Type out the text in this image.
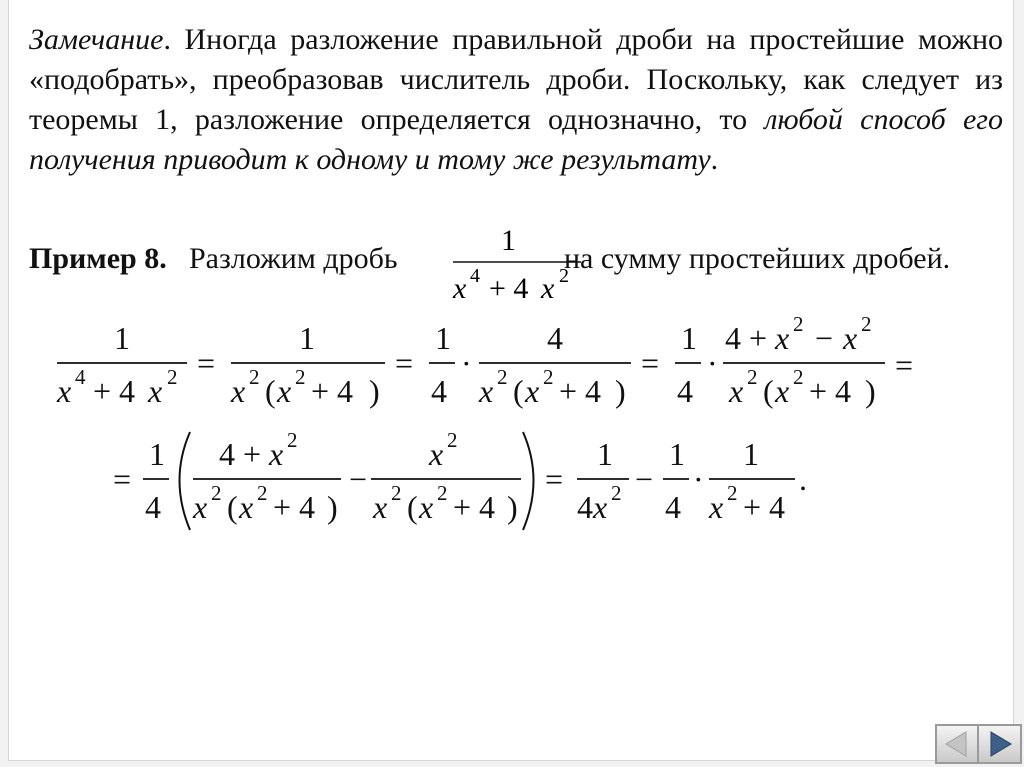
Замечание. Иногда разложение правильной дроби на простейшие можно «подобрать», преобразовав числитель дроби. Поскольку, как следует из теоремы 1, разложение определяется однозначно, то любой способ его получения приводит к одному и тому же результату.
Пример 8. Разложим дробь
1
x 4 + 4 x 2
на сумму простейших дробей.
1
x 4 + 4 x 2 =
1
x 2 ( x 2 + 4 )
=
1
4
·
4
x 2 ( x 2 + 4 )
=
1
4
·
4 + x 2 − x 2
x 2 ( x 2 + 4 )
=
=
1
4
4 + x 2
x 2 ( x 2 + 4 )
−
x 2
x 2 ( x 2 + 4 )
=
1
4 x 2 −
1
4
·
1
x 2 + 4
.
